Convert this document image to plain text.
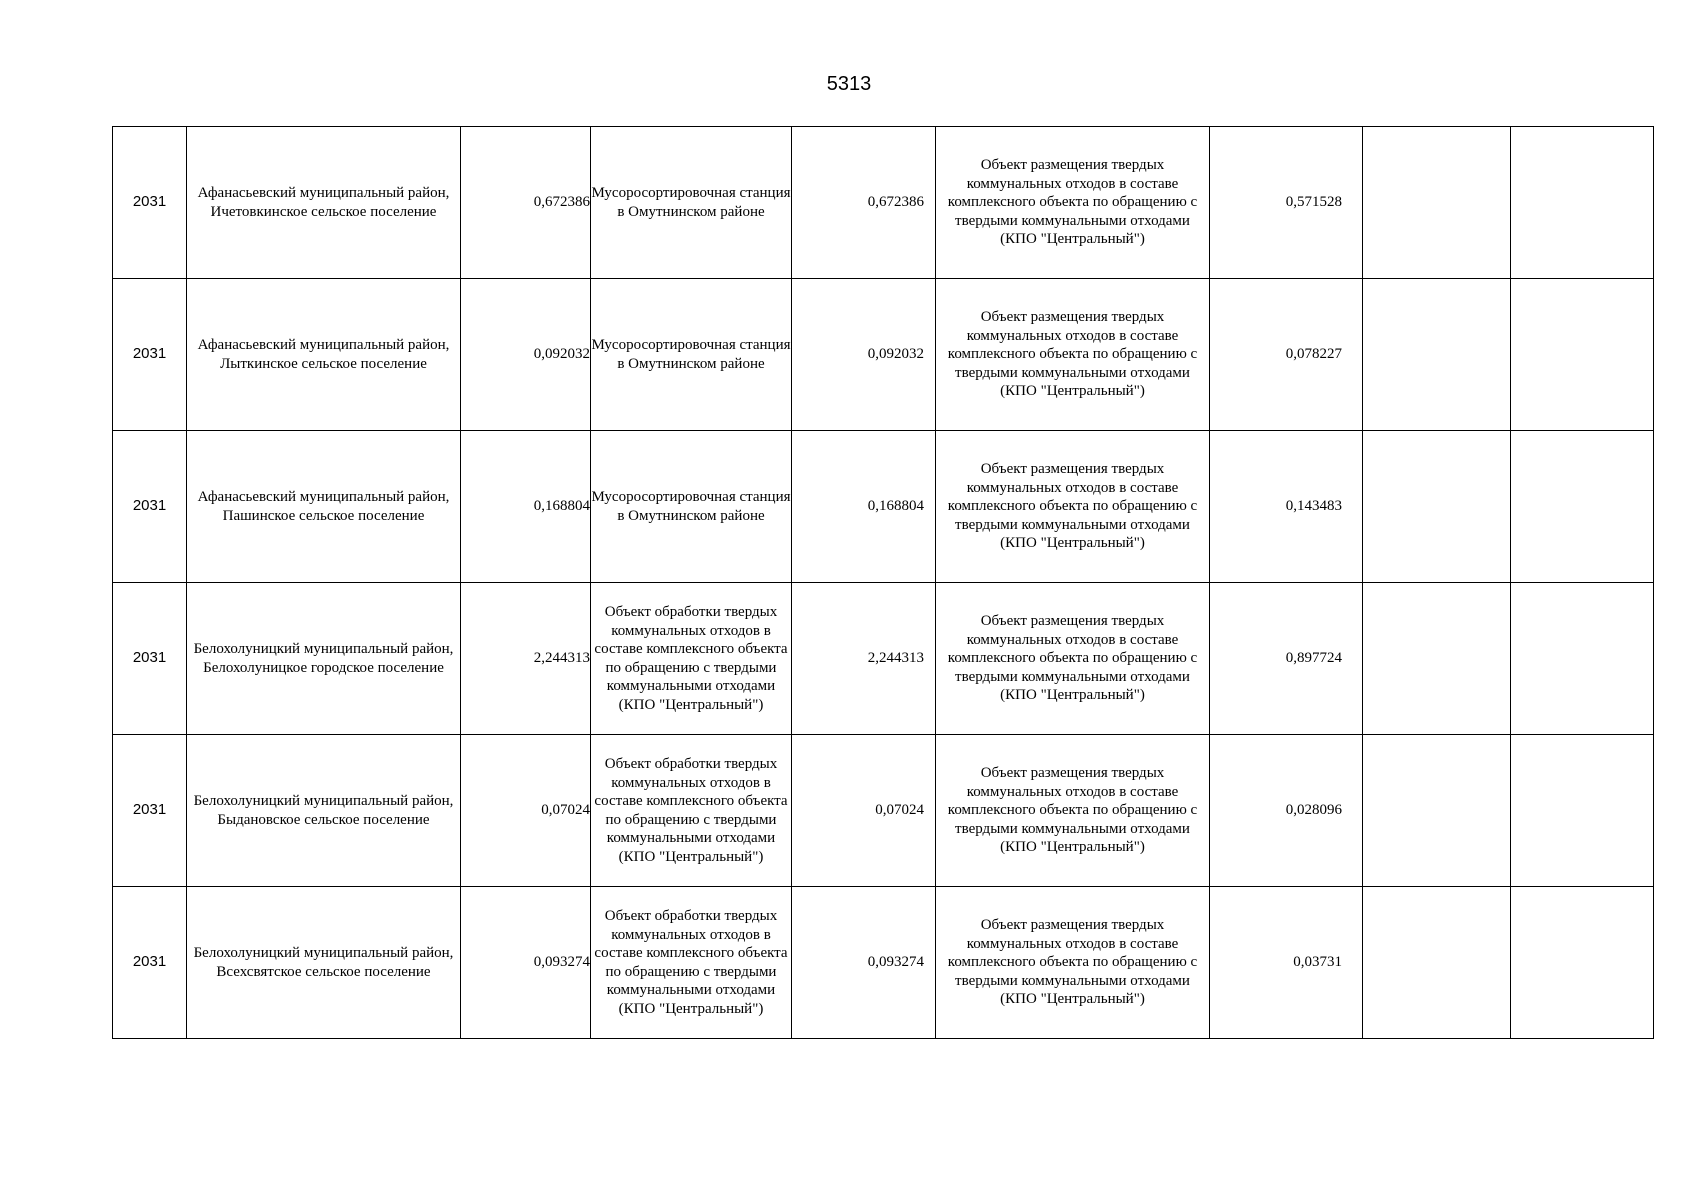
5313
2031	Афанасьевский муниципальный район, Ичетовкинское сельское поселение	0,672386	Мусоросортировочная станция в Омутнинском районе	0,672386	Объект размещения твердых коммунальных отходов в составе комплексного объекта по обращению с твердыми коммунальными отходами (КПО "Центральный")	0,571528		

2031	Афанасьевский муниципальный район, Лыткинское сельское поселение	0,092032	Мусоросортировочная станция в Омутнинском районе	0,092032	Объект размещения твердых коммунальных отходов в составе комплексного объекта по обращению с твердыми коммунальными отходами (КПО "Центральный")	0,078227		

2031	Афанасьевский муниципальный район, Пашинское сельское поселение	0,168804	Мусоросортировочная станция в Омутнинском районе	0,168804	Объект размещения твердых коммунальных отходов в составе комплексного объекта по обращению с твердыми коммунальными отходами (КПО "Центральный")	0,143483		

2031	Белохолуницкий муниципальный район, Белохолуницкое городское поселение	2,244313	Объект обработки твердых коммунальных отходов в составе комплексного объекта по обращению с твердыми коммунальными отходами (КПО "Центральный")	2,244313	Объект размещения твердых коммунальных отходов в составе комплексного объекта по обращению с твердыми коммунальными отходами (КПО "Центральный")	0,897724		

2031	Белохолуницкий муниципальный район, Быдановское сельское поселение	0,07024	Объект обработки твердых коммунальных отходов в составе комплексного объекта по обращению с твердыми коммунальными отходами (КПО "Центральный")	0,07024	Объект размещения твердых коммунальных отходов в составе комплексного объекта по обращению с твердыми коммунальными отходами (КПО "Центральный")	0,028096		

2031	Белохолуницкий муниципальный район, Всехсвятское сельское поселение	0,093274	Объект обработки твердых коммунальных отходов в составе комплексного объекта по обращению с твердыми коммунальными отходами (КПО "Центральный")	0,093274	Объект размещения твердых коммунальных отходов в составе комплексного объекта по обращению с твердыми коммунальными отходами (КПО "Центральный")	0,03731		
